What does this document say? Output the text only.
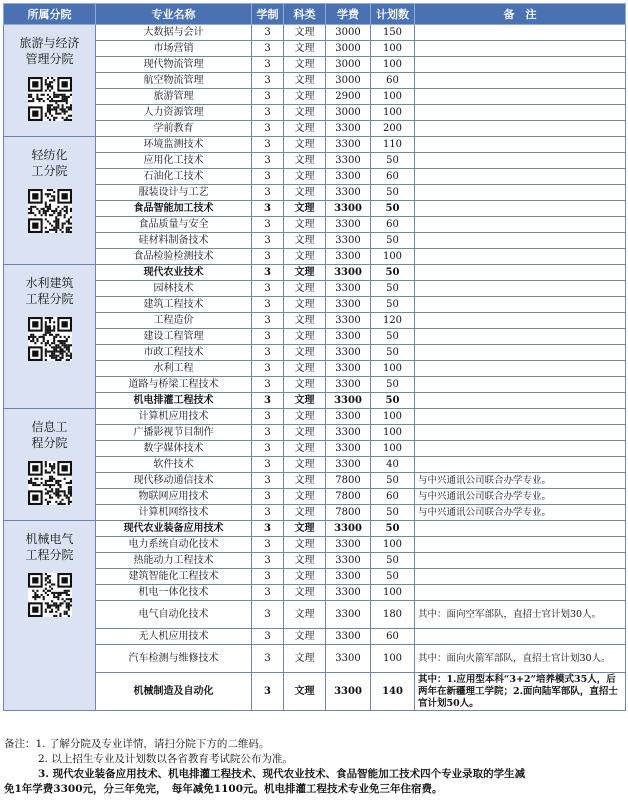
所属分院	专业名称	学制	科类	学费	计划数	备　注

旅游与经济
管理分院	大数据与会计	3	文理	3000	150	
	市场营销	3	文理	3000	100	
	现代物流管理	3	文理	3000	100	
	航空物流管理	3	文理	3000	60	
	旅游管理	3	文理	2900	100	
	人力资源管理	3	文理	3000	100	
	学前教育	3	文理	3300	200	

轻纺化
工分院	环境监测技术	3	文理	3300	110	
	应用化工技术	3	文理	3300	50	
	石油化工技术	3	文理	3300	60	
	服装设计与工艺	3	文理	3300	50	
	食品智能加工技术	3	文理	3300	50	
	食品质量与安全	3	文理	3300	60	
	硅材料制备技术	3	文理	3300	50	
	食品检验检测技术	3	文理	3300	100	

水利建筑
工程分院	现代农业技术	3	文理	3300	50	
	园林技术	3	文理	3300	50	
	建筑工程技术	3	文理	3300	50	
	工程造价	3	文理	3300	120	
	建设工程管理	3	文理	3300	50	
	市政工程技术	3	文理	3300	50	
	水利工程	3	文理	3300	100	
	道路与桥梁工程技术	3	文理	3300	50	
	机电排灌工程技术	3	文理	3300	50	

信息工
程分院	计算机应用技术	3	文理	3300	100	
	广播影视节目制作	3	文理	3300	100	
	数字媒体技术	3	文理	3300	100	
	软件技术	3	文理	3300	40	
	现代移动通信技术	3	文理	7800	50	与中兴通讯公司联合办学专业。
	物联网应用技术	3	文理	7800	60	与中兴通讯公司联合办学专业。
	计算机网络技术	3	文理	7800	50	与中兴通讯公司联合办学专业。

机械电气
工程分院	现代农业装备应用技术	3	文理	3300	50	
	电力系统自动化技术	3	文理	3300	100	
	热能动力工程技术	3	文理	3300	50	
	建筑智能化工程技术	3	文理	3300	50	
	机电一体化技术	3	文理	3300	100	
	电气自动化技术	3	文理	3300	180	其中：面向空军部队，直招士官计划30人。
	无人机应用技术	3	文理	3300	60	
	汽车检测与维修技术	3	文理	3300	100	其中：面向火箭军部队，直招士官计划30人。
	机械制造及自动化	3	文理	3300	140	其中：1.应用型本科“3+2”培养模式35人，后两年在新疆理工学院；2.面向陆军部队，直招士官计划50人。

备注：1. 了解分院及专业详情，请扫分院下方的二维码。

2. 以上招生专业及计划数以各省教育考试院公布为准。

3. 现代农业装备应用技术、机电排灌工程技术、现代农业技术、食品智能加工技术四个专业录取的学生减

免1年学费3300元，分三年免完，　每年减免1100元。机电排灌工程技术专业免三年住宿费。
